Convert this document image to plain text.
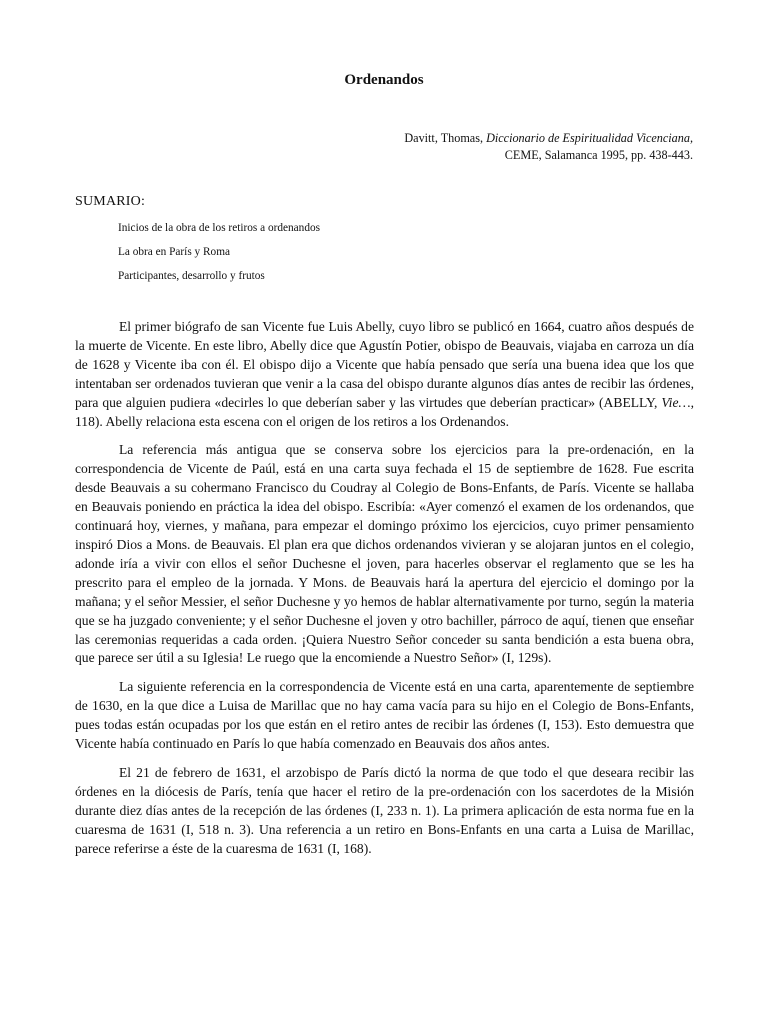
Ordenandos
Davitt, Thomas, Diccionario de Espiritualidad Vicenciana,
CEME, Salamanca 1995, pp. 438-443.
SUMARIO:
Inicios de la obra de los retiros a ordenandos
La obra en París y Roma
Participantes, desarrollo y frutos

El primer biógrafo de san Vicente fue Luis Abelly, cuyo libro se publicó en 1664, cuatro años después de la muerte de Vicente. En este libro, Abelly dice que Agustín Potier, obispo de Beauvais, viajaba en carroza un día de 1628 y Vicente iba con él. El obispo dijo a Vicente que había pensado que sería una buena idea que los que intentaban ser ordenados tuvieran que venir a la casa del obispo durante algunos días antes de recibir las órdenes, para que alguien pudiera «decirles lo que deberían saber y las virtudes que deberían practicar» (ABELLY, Vie…, 118). Abelly relaciona esta escena con el origen de los retiros a los Ordenandos.

La referencia más antigua que se conserva sobre los ejercicios para la pre-ordenación, en la correspondencia de Vicente de Paúl, está en una carta suya fechada el 15 de septiembre de 1628. Fue escrita desde Beauvais a su cohermano Francisco du Coudray al Colegio de Bons-Enfants, de París. Vicente se hallaba en Beauvais poniendo en práctica la idea del obispo. Escribía: «Ayer comenzó el examen de los ordenandos, que continuará hoy, viernes, y mañana, para empezar el domingo próximo los ejercicios, cuyo primer pensamiento inspiró Dios a Mons. de Beauvais. El plan era que dichos ordenandos vivieran y se alojaran juntos en el colegio, adonde iría a vivir con ellos el señor Duchesne el joven, para hacerles observar el reglamento que se les ha prescrito para el empleo de la jornada. Y Mons. de Beauvais hará la apertura del ejercicio el domingo por la mañana; y el señor Messier, el señor Duchesne y yo hemos de hablar alternativamente por turno, según la materia que se ha juzgado conveniente; y el señor Duchesne el joven y otro bachiller, párroco de aquí, tienen que enseñar las ceremonias requeridas a cada orden. ¡Quiera Nuestro Señor conceder su santa bendición a esta buena obra, que parece ser útil a su Iglesia! Le ruego que la encomiende a Nuestro Señor» (I, 129s).

La siguiente referencia en la correspondencia de Vicente está en una carta, aparentemente de septiembre de 1630, en la que dice a Luisa de Marillac que no hay cama vacía para su hijo en el Colegio de Bons-Enfants, pues todas están ocupadas por los que están en el retiro antes de recibir las órdenes (I, 153). Esto demuestra que Vicente había continuado en París lo que había comenzado en Beauvais dos años antes.

El 21 de febrero de 1631, el arzobispo de París dictó la norma de que todo el que deseara recibir las órdenes en la diócesis de París, tenía que hacer el retiro de la pre-ordenación con los sacerdotes de la Misión durante diez días antes de la recepción de las órdenes (I, 233 n. 1). La primera aplicación de esta norma fue en la cuaresma de 1631 (I, 518 n. 3). Una referencia a un retiro en Bons-Enfants en una carta a Luisa de Marillac, parece referirse a éste de la cuaresma de 1631 (I, 168).
